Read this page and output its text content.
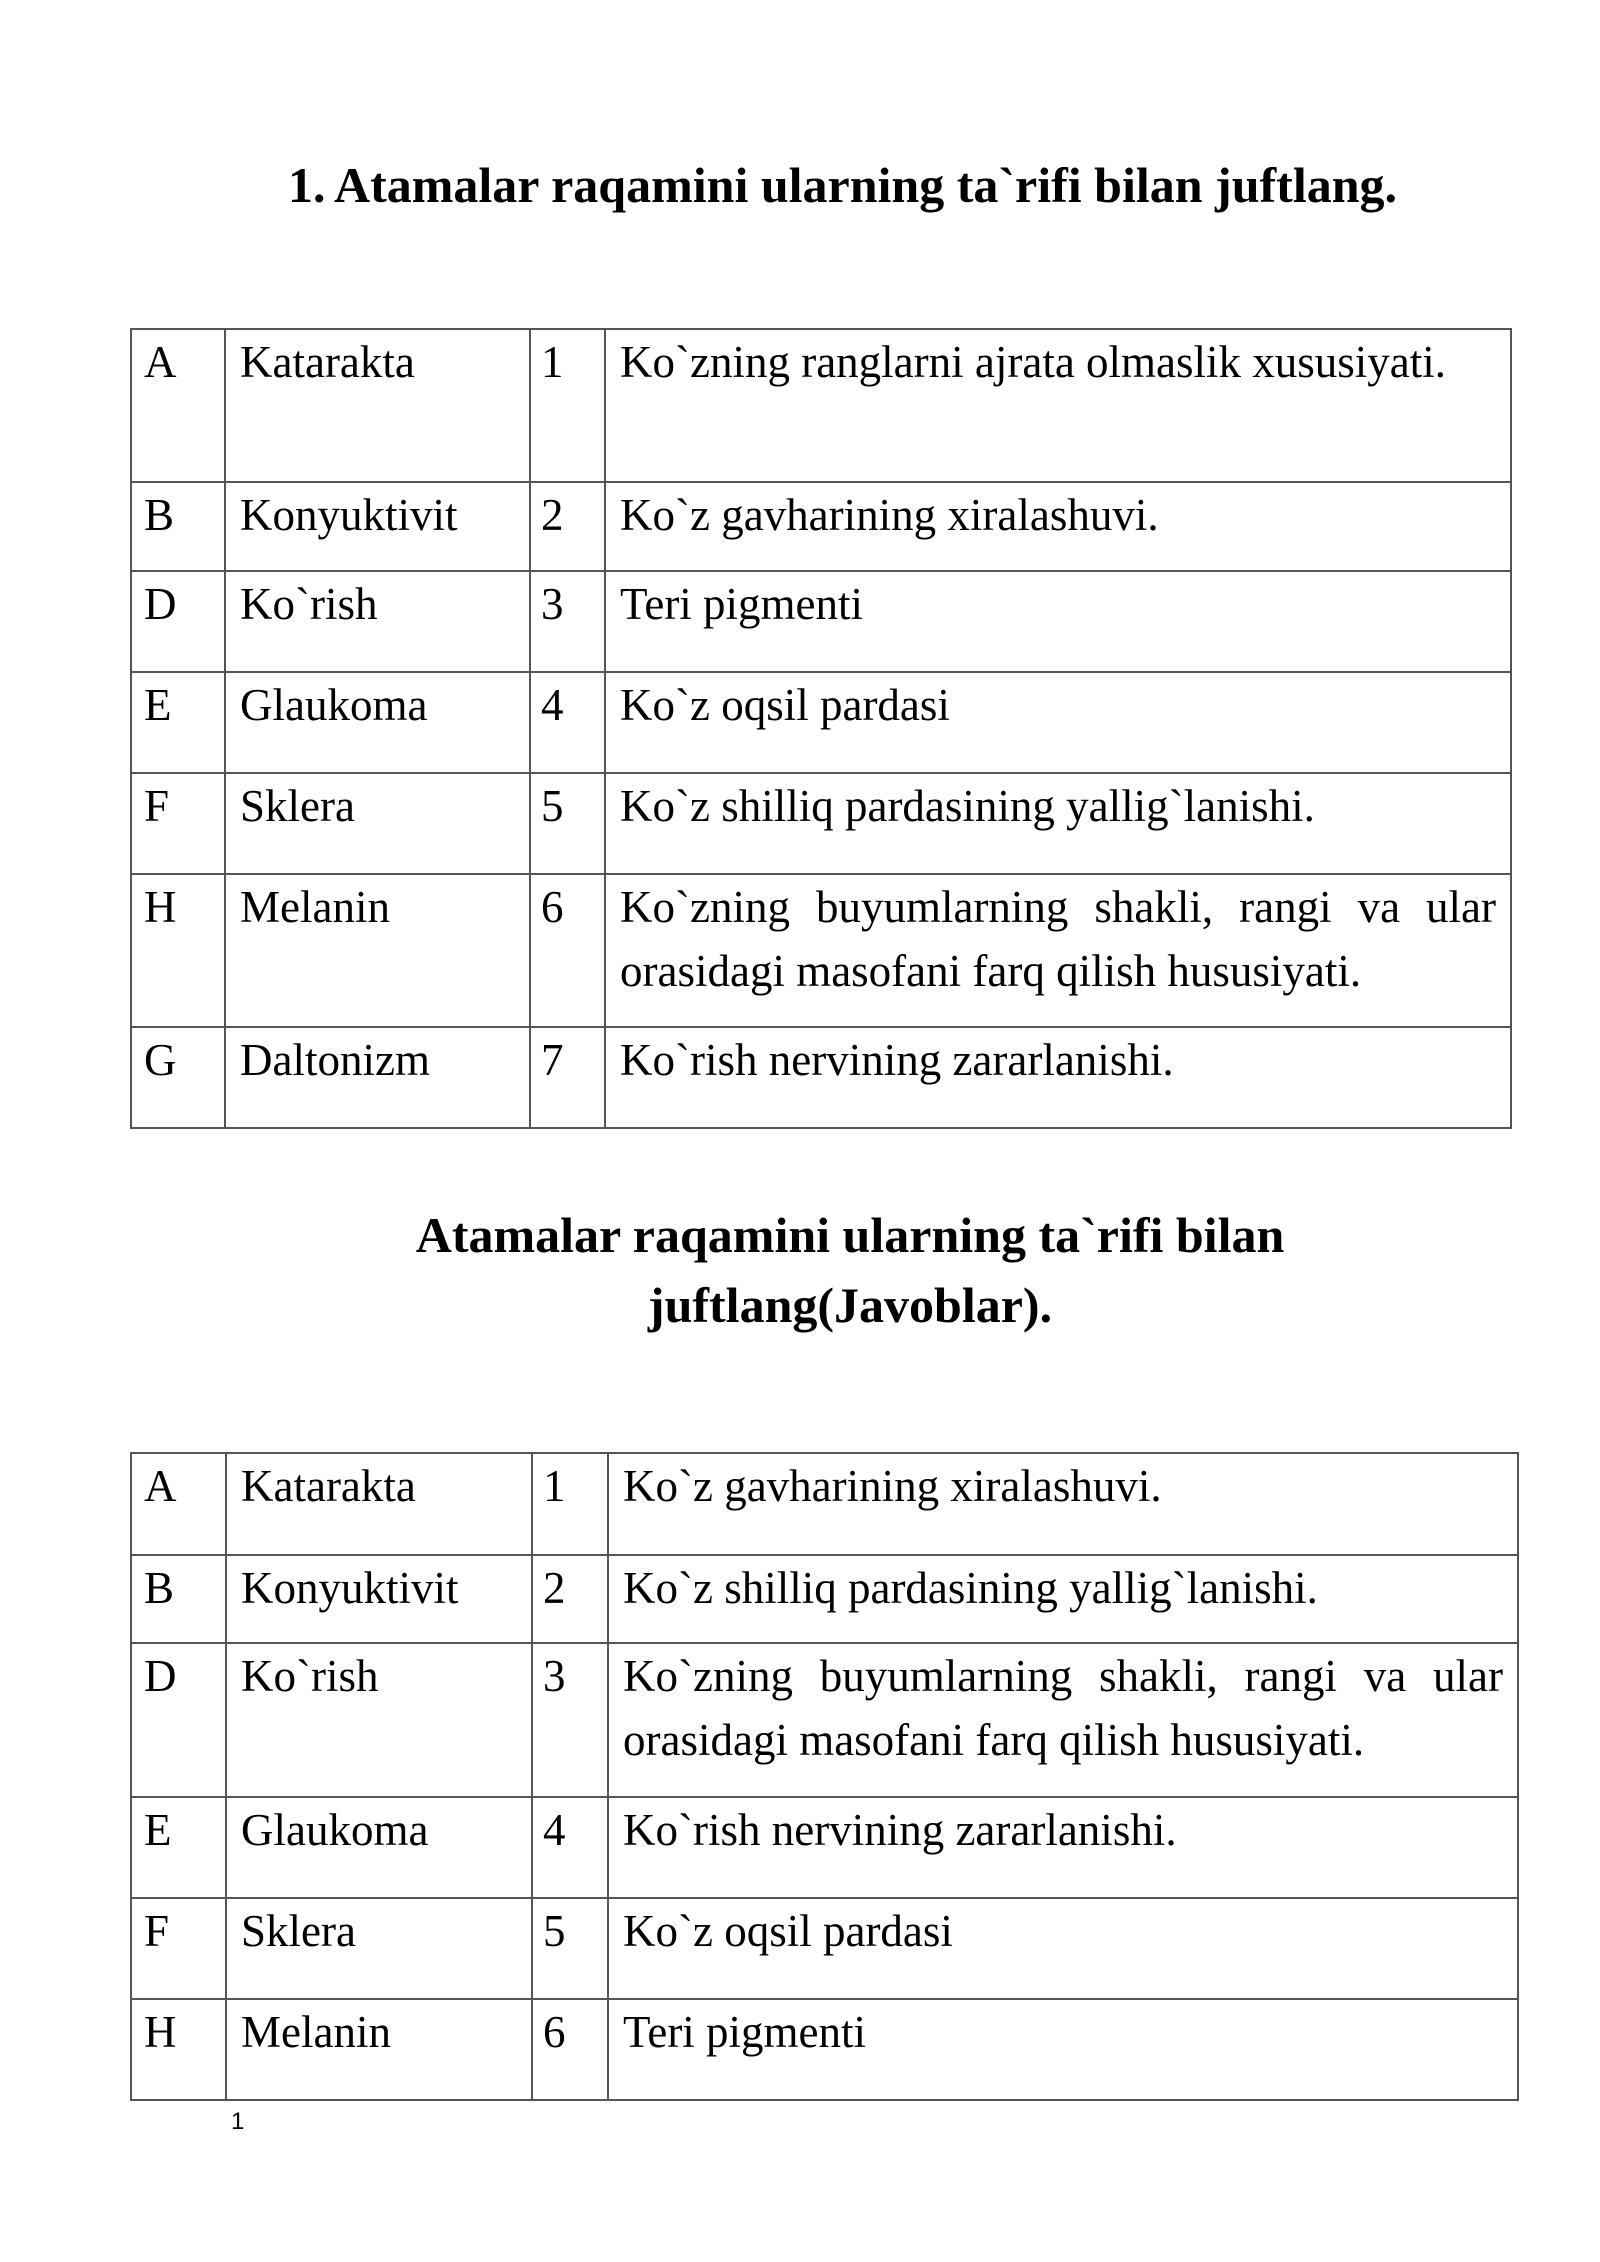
1. Atamalar raqamini ularning ta`rifi bilan juftlang.
A	Katarakta	1	Ko`zning ranglarni ajrata olmaslik xususiyati.
B	Konyuktivit	2	Ko`z gavharining xiralashuvi.
D	Ko`rish	3	Teri pigmenti
E	Glaukoma	4	Ko`z oqsil pardasi
F	Sklera	5	Ko`z shilliq pardasining yallig`lanishi.
H	Melanin	6	Ko`zning buyumlarning shakli, rangi va ular orasidagi masofani farq qilish hususiyati.
G	Daltonizm	7	Ko`rish nervining zararlanishi.
Atamalar raqamini ularning ta`rifi bilan juftlang(Javoblar).
A	Katarakta	1	Ko`z gavharining xiralashuvi.
B	Konyuktivit	2	Ko`z shilliq pardasining yallig`lanishi.
D	Ko`rish	3	Ko`zning buyumlarning shakli, rangi va ular orasidagi masofani farq qilish hususiyati.
E	Glaukoma	4	Ko`rish nervining zararlanishi.
F	Sklera	5	Ko`z oqsil pardasi
H	Melanin	6	Teri pigmenti
1
